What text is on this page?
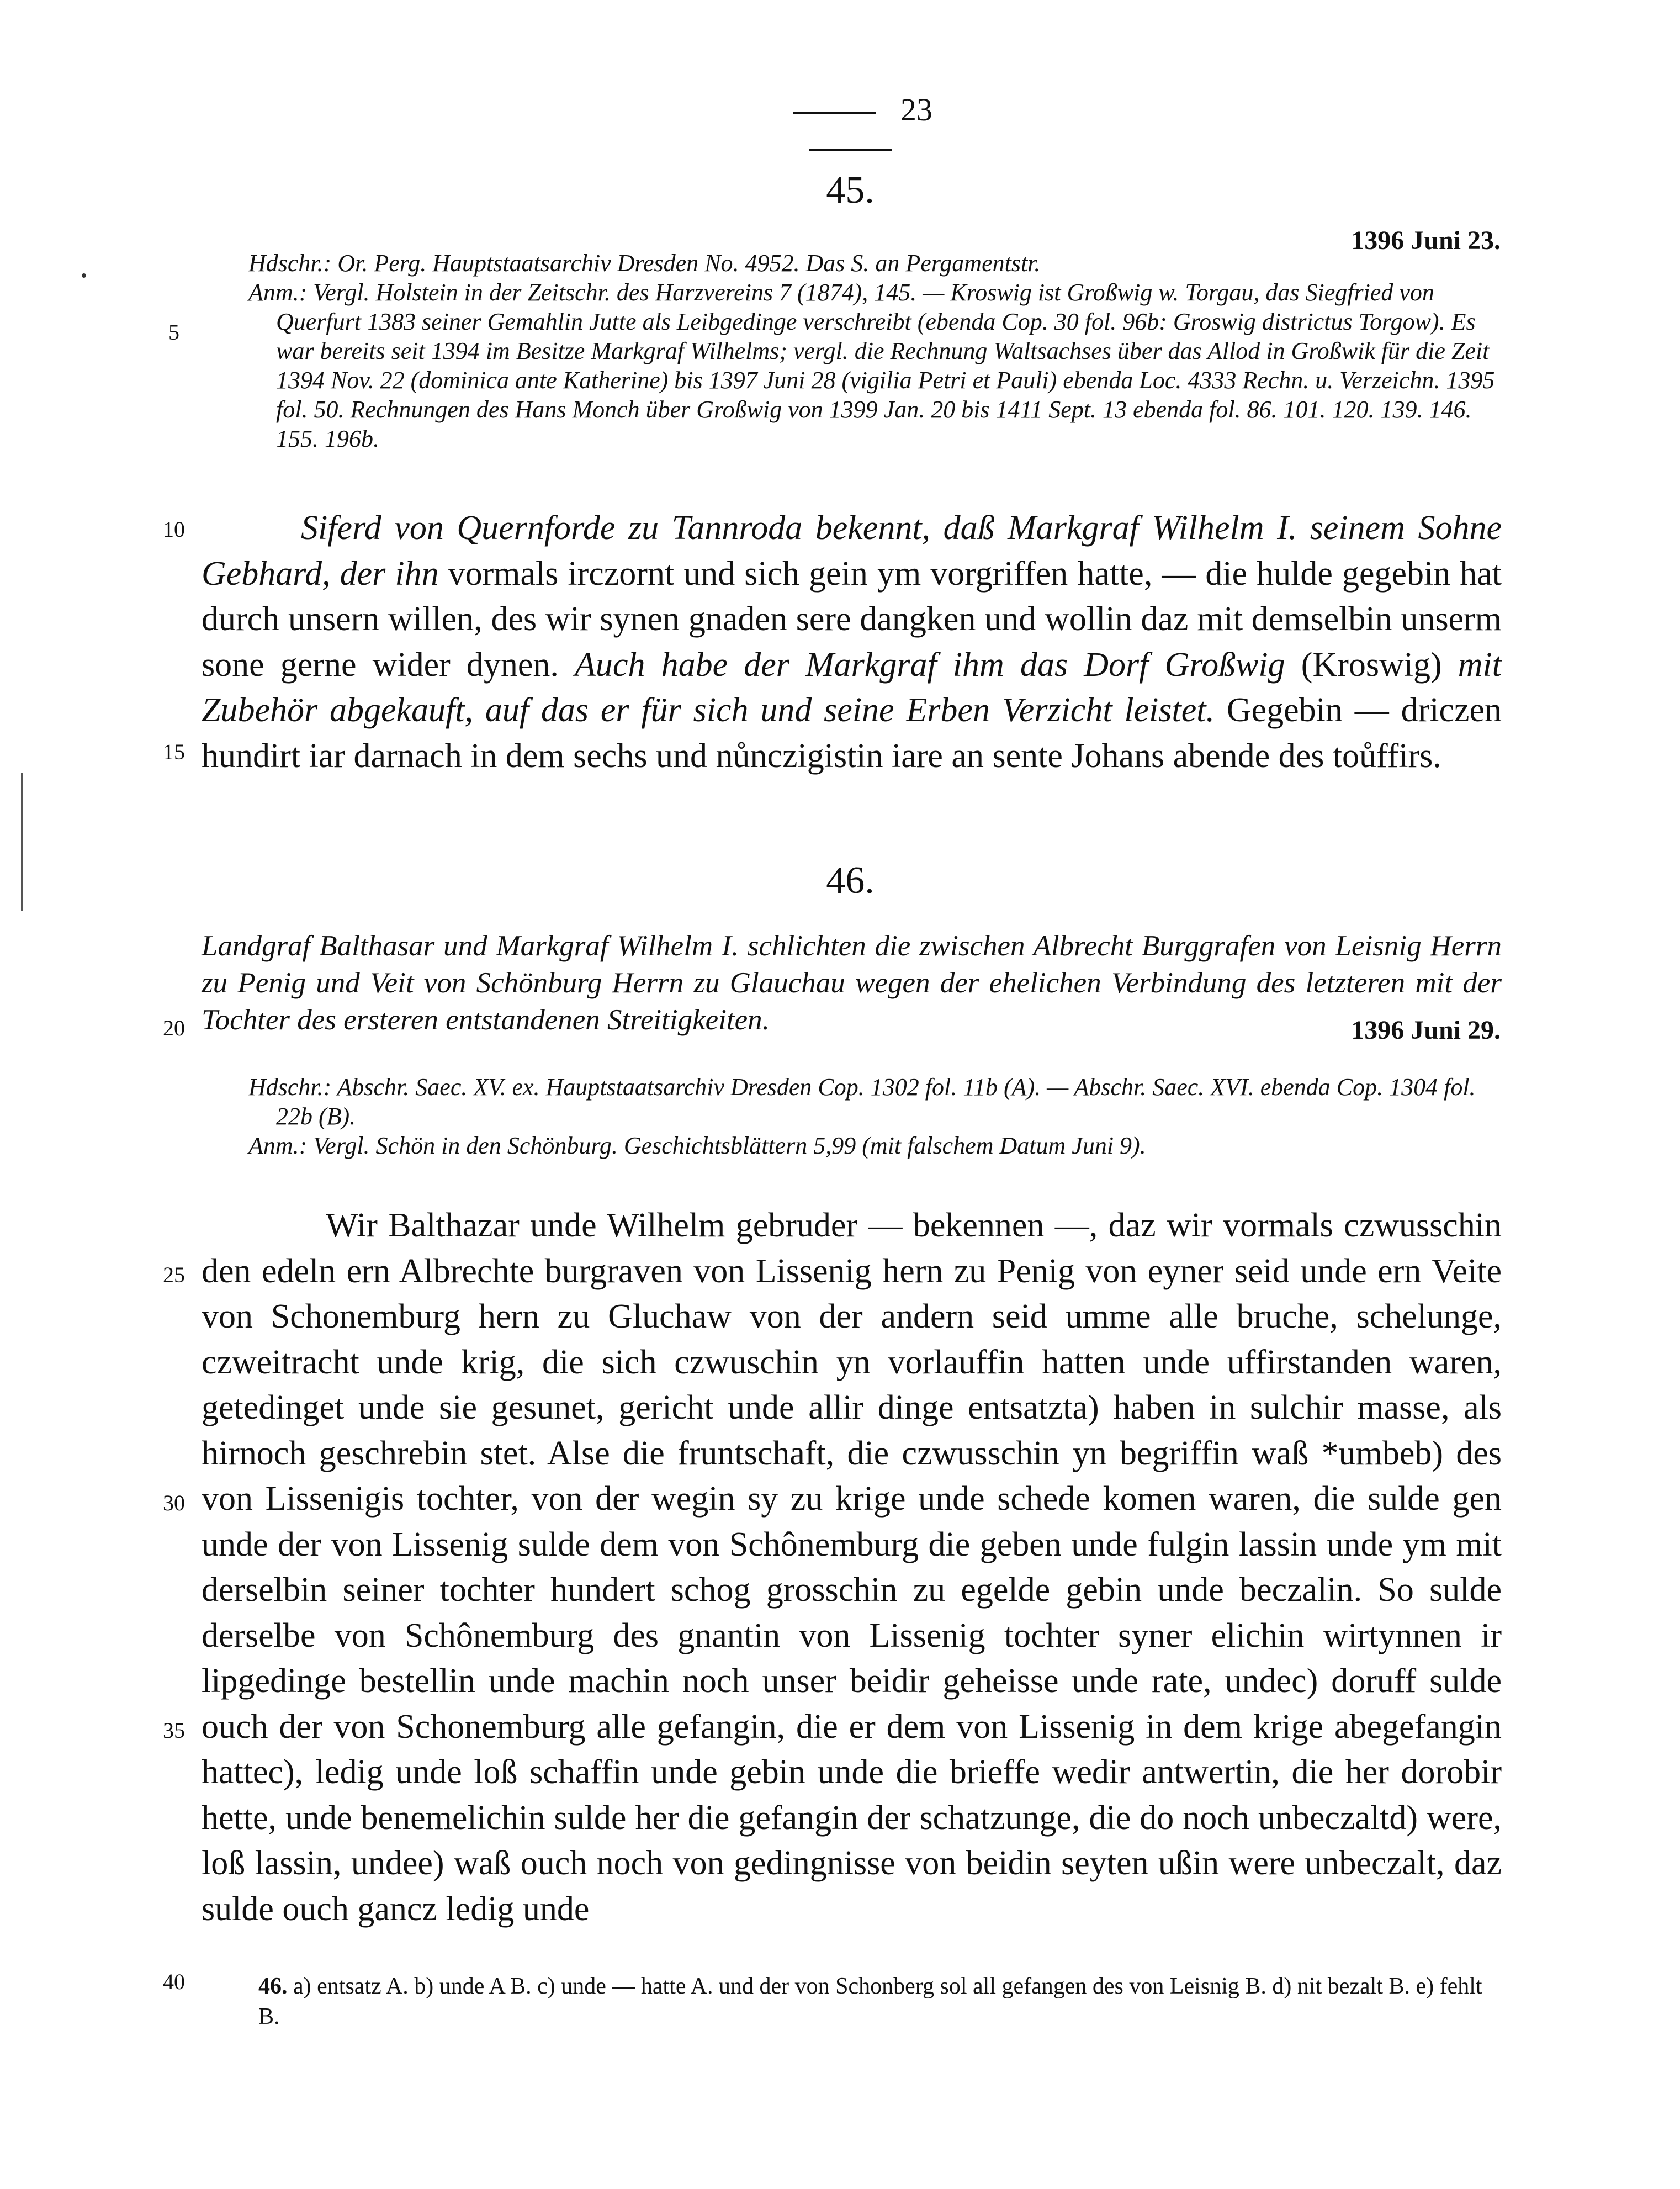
23
45.
1396 Juni 23.

Hdschr.: Or. Perg. Hauptstaatsarchiv Dresden No. 4952. Das S. an Pergamentstr.

Anm.: Vergl. Holstein in der Zeitschr. des Harzvereins 7 (1874), 145. — Kroswig ist Großwig w. Torgau, das Siegfried von Querfurt 1383 seiner Gemahlin Jutte als Leibgedinge verschreibt (ebenda Cop. 30 fol. 96b: Groswig districtus Torgow). Es war bereits seit 1394 im Besitze Markgraf Wilhelms; vergl. die Rechnung Waltsachses über das Allod in Großwik für die Zeit 1394 Nov. 22 (dominica ante Katherine) bis 1397 Juni 28 (vigilia Petri et Pauli) ebenda Loc. 4333 Rechn. u. Verzeichn. 1395 fol. 50. Rechnungen des Hans Monch über Großwig von 1399 Jan. 20 bis 1411 Sept. 13 ebenda fol. 86. 101. 120. 139. 146. 155. 196b.

5
Siferd von Quernforde zu Tannroda bekennt, daß Markgraf Wilhelm I. seinem Sohne Gebhard, der ihn vormals irczornt und sich gein ym vorgriffen hatte, — die hulde gegebin hat durch unsern willen, des wir synen gnaden sere dangken und wollin daz mit demselbin unserm sone gerne wider dynen. Auch habe der Markgraf ihm das Dorf Großwig (Kroswig) mit Zubehör abgekauft, auf das er für sich und seine Erben Verzicht leistet. Gegebin — driczen hundirt iar darnach in dem sechs und nůnczigistin iare an sente Johans abende des toůffirs.
10
15
46.
Landgraf Balthasar und Markgraf Wilhelm I. schlichten die zwischen Albrecht Burggrafen von Leisnig Herrn zu Penig und Veit von Schönburg Herrn zu Glauchau wegen der ehelichen Verbindung des letzteren mit der Tochter des ersteren entstandenen Streitigkeiten.	1396 Juni 29.
20

Hdschr.: Abschr. Saec. XV. ex. Hauptstaatsarchiv Dresden Cop. 1302 fol. 11b (A). — Abschr. Saec. XVI. ebenda Cop. 1304 fol. 22b (B).

Anm.: Vergl. Schön in den Schönburg. Geschichtsblättern 5,99 (mit falschem Datum Juni 9).

Wir Balthazar unde Wilhelm gebruder — bekennen —, daz wir vormals czwusschin den edeln ern Albrechte burgraven von Lissenig hern zu Penig von eyner seid unde ern Veite von Schonemburg hern zu Gluchaw von der andern seid umme alle bruche, schelunge, czweitracht unde krig, die sich czwuschin yn vorlauffin hatten unde uffirstanden waren, getedinget unde sie gesunet, gericht unde allir dinge entsatzta) haben in sulchir masse, als hirnoch geschrebin stet. Alse die fruntschaft, die czwusschin yn begriffin waß *umbeb) des von Lissenigis tochter, von der wegin sy zu krige unde schede komen waren, die sulde gen unde der von Lissenig sulde dem von Schônemburg die geben unde fulgin lassin unde ym mit derselbin seiner tochter hundert schog grosschin zu egelde gebin unde beczalin. So sulde derselbe von Schônemburg des gnantin von Lissenig tochter syner elichin wirtynnen ir lipgedinge bestellin unde machin noch unser beidir geheisse unde rate, undec) doruff sulde ouch der von Schonemburg alle gefangin, die er dem von Lissenig in dem krige abegefangin hattec), ledig unde loß schaffin unde gebin unde die brieffe wedir antwertin, die her dorobir hette, unde benemelichin sulde her die gefangin der schatzunge, die do noch unbeczaltd) were, loß lassin, undee) waß ouch noch von gedingnisse von beidin seyten ußin were unbeczalt, daz sulde ouch gancz ledig unde
25
30
35
40	46. a) entsatz A. b) unde A B. c) unde — hatte A. und der von Schonberg sol all gefangen des von Leisnig B. d) nit bezalt B. e) fehlt B.
